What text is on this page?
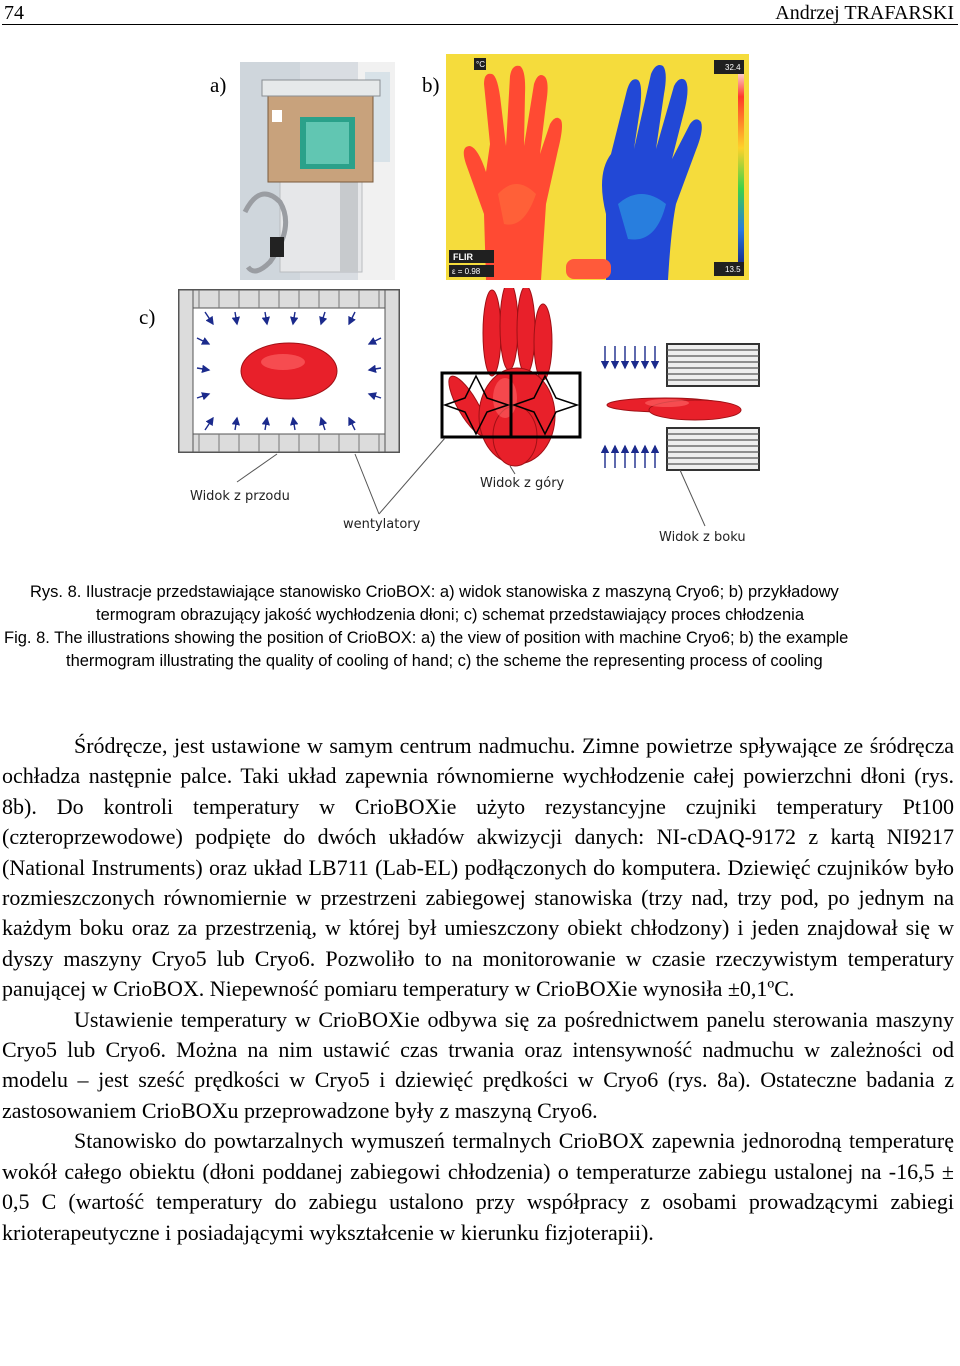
74	Andrzej TRAFARSKI
a)	b)
c)
32.4
13.5
°C
FLIR
ε = 0.98
Widok z przodu
wentylatory
Widok z góry
Widok z boku
Rys. 8. Ilustracje przedstawiające stanowisko CrioBOX: a) widok stanowiska z maszyną Cryo6; b) przykładowy
termogram obrazujący jakość wychłodzenia dłoni; c) schemat przedstawiający proces chłodzenia
Fig. 8. The illustrations showing the position of CrioBOX: a) the view of position with machine Cryo6; b) the example
thermogram illustrating the quality of cooling of hand; c) the scheme the representing process of cooling

Śródręcze, jest ustawione w samym centrum nadmuchu. Zimne powietrze spływające ze śródręcza ochładza następnie palce. Taki układ zapewnia równomierne wychłodzenie całej powierzchni dłoni (rys. 8b). Do kontroli temperatury w CrioBOXie użyto rezystancyjne czujniki temperatury Pt100 (czteroprzewodowe) podpięte do dwóch układów akwizycji danych: NI-cDAQ-9172 z kartą NI9217 (National Instruments) oraz układ LB711 (Lab-EL) podłączonych do komputera. Dziewięć czujników było rozmieszczonych równomiernie w przestrzeni zabiegowej stanowiska (trzy nad, trzy pod, po jednym na każdym boku oraz za przestrzenią, w której był umieszczony obiekt chłodzony) i jeden znajdował się w dyszy maszyny Cryo5 lub Cryo6. Pozwoliło to na monitorowanie w czasie rzeczywistym temperatury panującej w CrioBOX. Niepewność pomiaru temperatury w CrioBOXie wynosiła ±0,1ºC.

Ustawienie temperatury w CrioBOXie odbywa się za pośrednictwem panelu sterowania maszyny Cryo5 lub Cryo6. Można na nim ustawić czas trwania oraz intensywność nadmuchu w zależności od modelu – jest sześć prędkości w Cryo5 i dziewięć prędkości w Cryo6 (rys. 8a). Ostateczne badania z zastosowaniem CrioBOXu przeprowadzone były z maszyną Cryo6.

Stanowisko do powtarzalnych wymuszeń termalnych CrioBOX zapewnia jednorodną temperaturę wokół całego obiektu (dłoni poddanej zabiegowi chłodzenia) o temperaturze zabiegu ustalonej na -16,5 ± 0,5 C (wartość temperatury do zabiegu ustalono przy współpracy z osobami prowadzącymi zabiegi krioterapeutyczne i posiadającymi wykształcenie w kierunku fizjoterapii).
